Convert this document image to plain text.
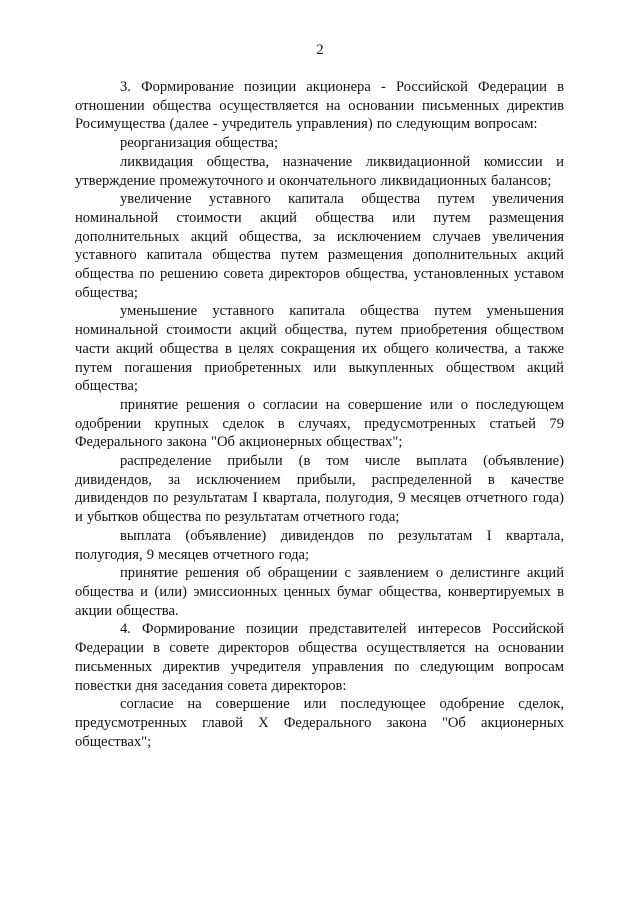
2

3. Формирование позиции акционера - Российской Федерации в отношении общества осуществляется на основании письменных директив Росимущества (далее - учредитель управления) по следующим вопросам:

реорганизация общества;

ликвидация общества, назначение ликвидационной комиссии и утверждение промежуточного и окончательного ликвидационных балансов;

увеличение уставного капитала общества путем увеличения номинальной стоимости акций общества или путем размещения дополнительных акций общества, за исключением случаев увеличения уставного капитала общества путем размещения дополнительных акций общества по решению совета директоров общества, установленных уставом общества;

уменьшение уставного капитала общества путем уменьшения номинальной стоимости акций общества, путем приобретения обществом части акций общества в целях сокращения их общего количества, а также путем погашения приобретенных или выкупленных обществом акций общества;

принятие решения о согласии на совершение или о последующем одобрении крупных сделок в случаях, предусмотренных статьей 79 Федерального закона "Об акционерных обществах";

распределение прибыли (в том числе выплата (объявление) дивидендов, за исключением прибыли, распределенной в качестве дивидендов по результатам I квартала, полугодия, 9 месяцев отчетного года) и убытков общества по результатам отчетного года;

выплата (объявление) дивидендов по результатам I квартала, полугодия, 9 месяцев отчетного года;

принятие решения об обращении с заявлением о делистинге акций общества и (или) эмиссионных ценных бумаг общества, конвертируемых в акции общества.

4. Формирование позиции представителей интересов Российской Федерации в совете директоров общества осуществляется на основании письменных директив учредителя управления по следующим вопросам повестки дня заседания совета директоров:

согласие на совершение или последующее одобрение сделок, предусмотренных главой X Федерального закона "Об акционерных обществах";
